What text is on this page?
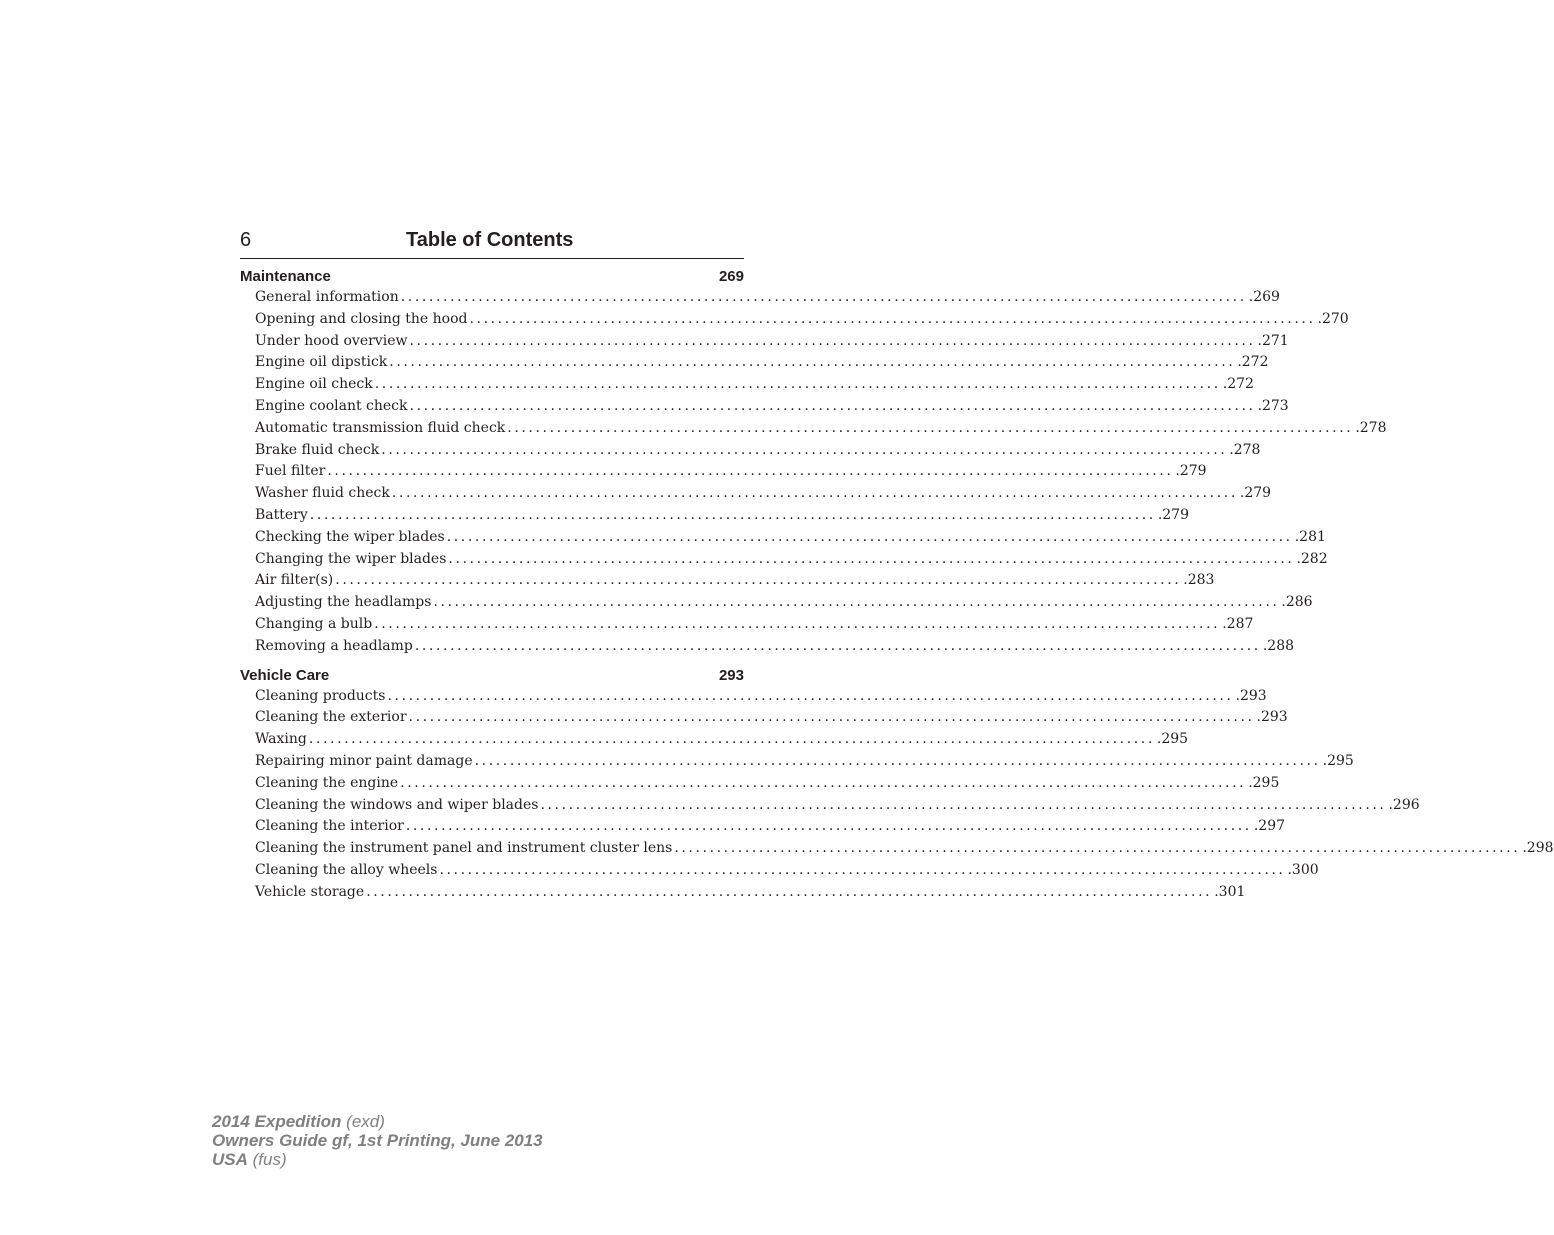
6	Table of Contents
Maintenance	269
General information ........................................................................................................................ .269
Opening and closing the hood ........................................................................................................................ .270
Under hood overview ........................................................................................................................ .271
Engine oil dipstick ........................................................................................................................ .272
Engine oil check ........................................................................................................................ .272
Engine coolant check ........................................................................................................................ .273
Automatic transmission fluid check ........................................................................................................................ .278
Brake fluid check ........................................................................................................................ .278
Fuel filter ........................................................................................................................ .279
Washer fluid check ........................................................................................................................ .279
Battery ........................................................................................................................ .279
Checking the wiper blades ........................................................................................................................ .281
Changing the wiper blades ........................................................................................................................ .282
Air filter(s) ........................................................................................................................ .283
Adjusting the headlamps ........................................................................................................................ .286
Changing a bulb ........................................................................................................................ .287
Removing a headlamp ........................................................................................................................ .288
Vehicle Care	293
Cleaning products ........................................................................................................................ .293
Cleaning the exterior ........................................................................................................................ .293
Waxing ........................................................................................................................ .295
Repairing minor paint damage ........................................................................................................................ .295
Cleaning the engine ........................................................................................................................ .295
Cleaning the windows and wiper blades ........................................................................................................................ .296
Cleaning the interior ........................................................................................................................ .297
Cleaning the instrument panel and instrument cluster lens ........................................................................................................................ .298
Cleaning the alloy wheels ........................................................................................................................ .300
Vehicle storage ........................................................................................................................ .301
2014 Expedition (exd)
Owners Guide gf, 1st Printing, June 2013
USA (fus)
